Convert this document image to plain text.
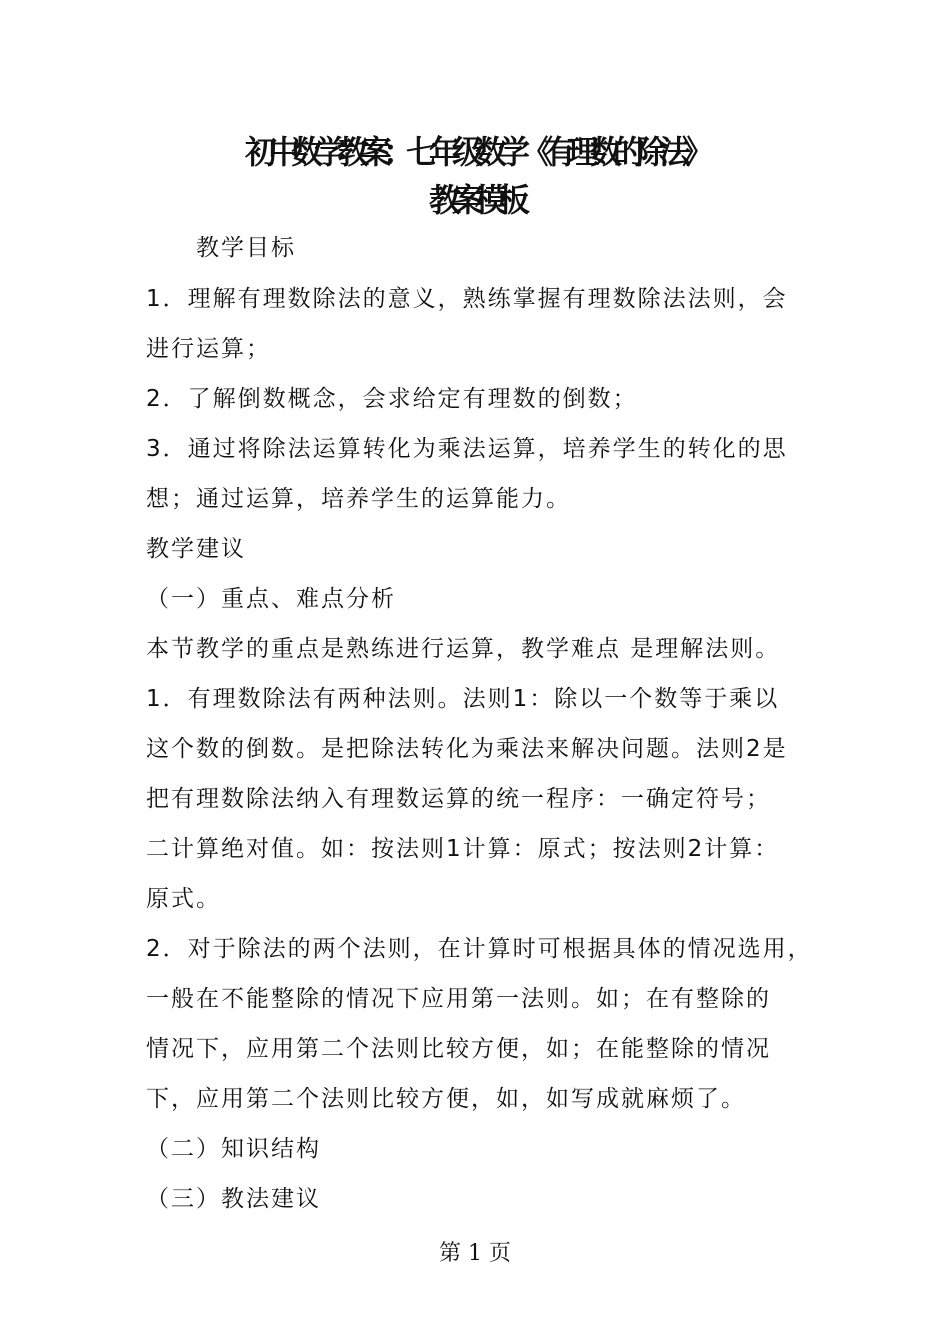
初中数学教案：七年级数学《有理数的除法》
教案模板
教学目标
1．理解有理数除法的意义，熟练掌握有理数除法法则，会
进行运算；
2．了解倒数概念，会求给定有理数的倒数；
3．通过将除法运算转化为乘法运算，培养学生的转化的思
想；通过运算，培养学生的运算能力。
教学建议
（一）重点、难点分析
本节教学的重点是熟练进行运算，教学难点 是理解法则。
1．有理数除法有两种法则。法则1：除以一个数等于乘以
这个数的倒数。是把除法转化为乘法来解决问题。法则2是
把有理数除法纳入有理数运算的统一程序：一确定符号；
二计算绝对值。如：按法则1计算：原式；按法则2计算：
原式。
2．对于除法的两个法则，在计算时可根据具体的情况选用，
一般在不能整除的情况下应用第一法则。如；在有整除的
情况下，应用第二个法则比较方便，如；在能整除的情况
下，应用第二个法则比较方便，如，如写成就麻烦了。
（二）知识结构
（三）教法建议
第 1 页
